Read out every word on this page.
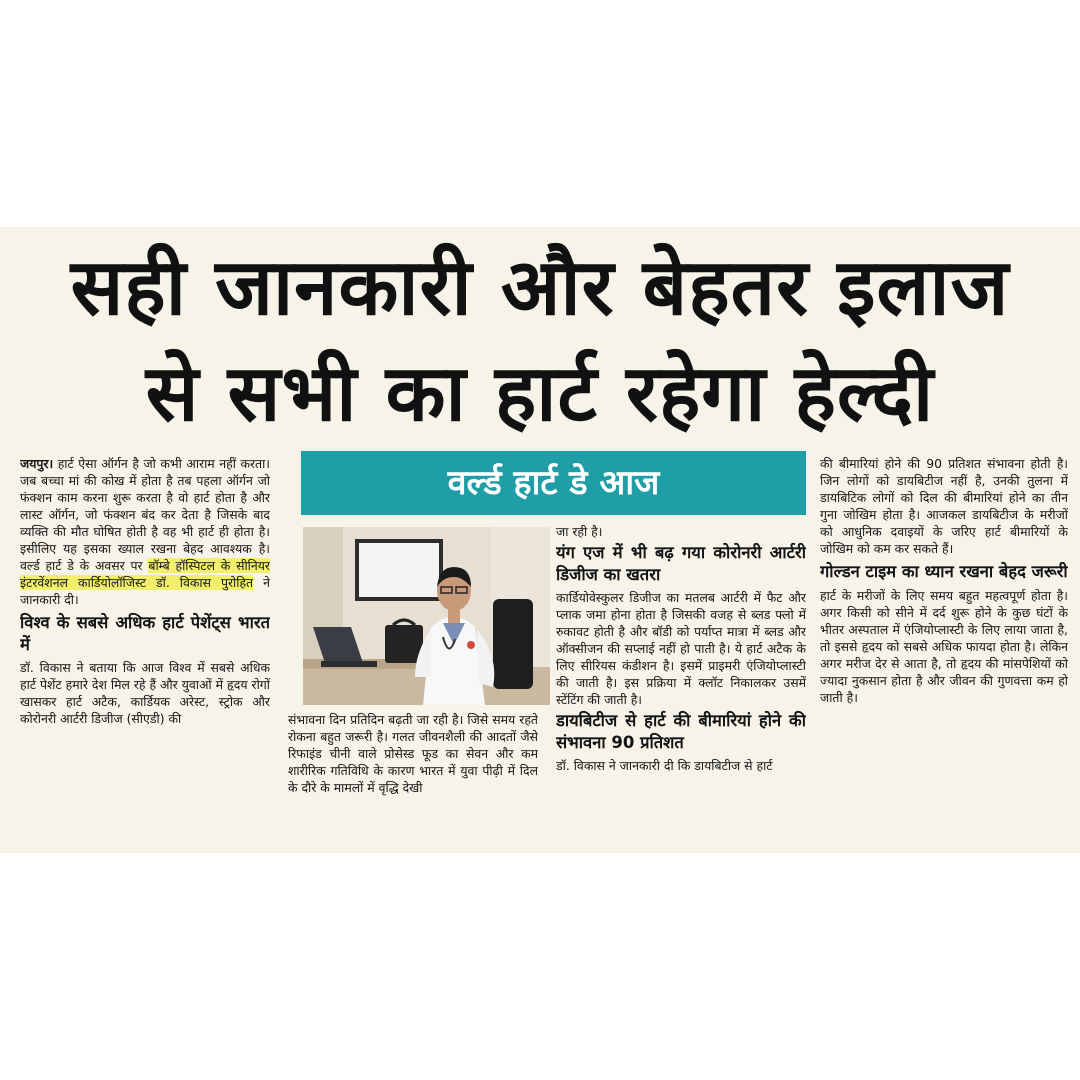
सही जानकारी और बेहतर इलाज
से सभी का हार्ट रहेगा हेल्दी

जयपुर। हार्ट ऐसा ऑर्गन है जो कभी आराम नहीं करता। जब बच्चा मां की कोख में होता है तब पहला ऑर्गन जो फंक्शन काम करना शुरू करता है वो हार्ट होता है और लास्ट ऑर्गन, जो फंक्शन बंद कर देता है जिसके बाद व्यक्ति की मौत घोषित होती है वह भी हार्ट ही होता है। इसीलिए यह इसका ख्याल रखना बेहद आवश्यक है। वर्ल्ड हार्ट डे के अवसर पर बॉम्बे हॉस्पिटल के सीनियर इंटरवेंशनल कार्डियोलॉजिस्ट डॉ. विकास पुरोहित ने जानकारी दी।

विश्व के सबसे अधिक हार्ट पेशेंट्स भारत में

डॉ. विकास ने बताया कि आज विश्व में सबसे अधिक हार्ट पेशेंट हमारे देश मिल रहे हैं और युवाओं में हृदय रोगों खासकर हार्ट अटैक, कार्डियक अरेस्ट, स्ट्रोक और कोरोनरी आर्टरी डिजीज (सीएडी) की

वर्ल्ड हार्ट डे आज

संभावना दिन प्रतिदिन बढ़ती जा रही है। जिसे समय रहते रोकना बहुत जरूरी है। गलत जीवनशैली की आदतों जैसे रिफाइंड चीनी वाले प्रोसेस्ड फूड का सेवन और कम शारीरिक गतिविधि के कारण भारत में युवा पीढ़ी में दिल के दौरे के मामलों में वृद्धि देखी

जा रही है।

यंग एज में भी बढ़ गया कोरोनरी आर्टरी डिजीज का खतरा

कार्डियोवेस्कुलर डिजीज का मतलब आर्टरी में फैट और प्लाक जमा होना होता है जिसकी वजह से ब्लड फ्लो में रुकावट होती है और बॉडी को पर्याप्त मात्रा में ब्लड और ऑक्सीजन की सप्लाई नहीं हो पाती है। ये हार्ट अटैक के लिए सीरियस कंडीशन है। इसमें प्राइमरी एंजियोप्लास्टी की जाती है। इस प्रक्रिया में क्लॉट निकालकर उसमें स्टेंटिंग की जाती है।

डायबिटीज से हार्ट की बीमारियां होने की संभावना 90 प्रतिशत

डॉ. विकास ने जानकारी दी कि डायबिटीज से हार्ट

की बीमारियां होने की 90 प्रतिशत संभावना होती है। जिन लोगों को डायबिटीज नहीं है, उनकी तुलना में डायबिटिक लोगों को दिल की बीमारियां होने का तीन गुना जोखिम होता है। आजकल डायबिटीज के मरीजों को आधुनिक दवाइयों के जरिए हार्ट बीमारियों के जोखिम को कम कर सकते हैं।

गोल्डन टाइम का ध्यान रखना बेहद जरूरी

हार्ट के मरीजों के लिए समय बहुत महत्वपूर्ण होता है। अगर किसी को सीने में दर्द शुरू होने के कुछ घंटों के भीतर अस्पताल में एंजियोप्लास्टी के लिए लाया जाता है, तो इससे हृदय को सबसे अधिक फायदा होता है। लेकिन अगर मरीज देर से आता है, तो हृदय की मांसपेशियों को ज्यादा नुकसान होता है और जीवन की गुणवत्ता कम हो जाती है।
